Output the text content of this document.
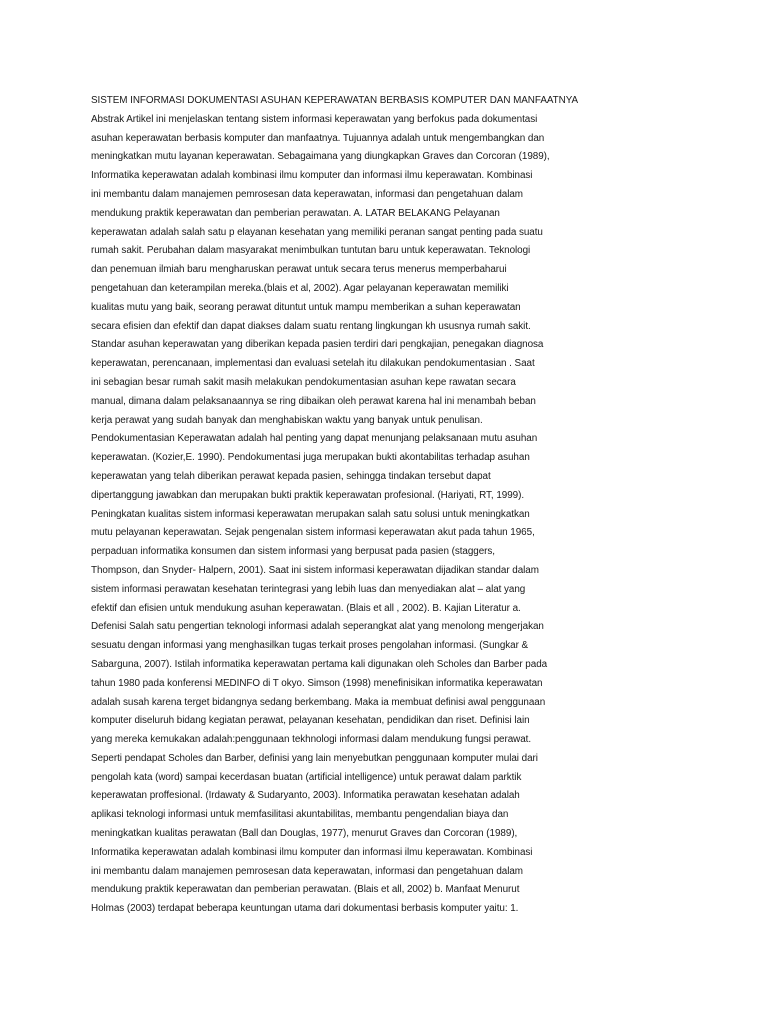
SISTEM INFORMASI DOKUMENTASI ASUHAN KEPERAWATAN BERBASIS KOMPUTER DAN MANFAATNYA
Abstrak Artikel ini menjelaskan tentang sistem informasi keperawatan yang berfokus pada dokumentasi
asuhan keperawatan berbasis komputer dan manfaatnya. Tujuannya adalah untuk mengembangkan dan
meningkatkan mutu layanan keperawatan. Sebagaimana yang diungkapkan Graves dan Corcoran (1989),
Informatika keperawatan adalah kombinasi ilmu komputer dan informasi ilmu keperawatan. Kombinasi
ini membantu dalam manajemen pemrosesan data keperawatan, informasi dan pengetahuan dalam
mendukung praktik keperawatan dan pemberian perawatan. A. LATAR BELAKANG Pelayanan
keperawatan adalah salah satu p elayanan kesehatan yang memiliki peranan sangat penting pada suatu
rumah sakit. Perubahan dalam masyarakat menimbulkan tuntutan baru untuk keperawatan. Teknologi
dan penemuan ilmiah baru mengharuskan perawat untuk secara terus menerus memperbaharui
pengetahuan dan keterampilan mereka.(blais et al, 2002). Agar pelayanan keperawatan memiliki
kualitas mutu yang baik, seorang perawat dituntut untuk mampu memberikan a suhan keperawatan
secara efisien dan efektif dan dapat diakses dalam suatu rentang lingkungan kh ususnya rumah sakit.
Standar asuhan keperawatan yang diberikan kepada pasien terdiri dari pengkajian, penegakan diagnosa
keperawatan, perencanaan, implementasi dan evaluasi setelah itu dilakukan pendokumentasian . Saat
ini sebagian besar rumah sakit masih melakukan pendokumentasian asuhan kepe rawatan secara
manual, dimana dalam pelaksanaannya se ring dibaikan oleh perawat karena hal ini menambah beban
kerja perawat yang sudah banyak dan menghabiskan waktu yang banyak untuk penulisan.
Pendokumentasian Keperawatan adalah hal penting yang dapat menunjang pelaksanaan mutu asuhan
keperawatan. (Kozier,E. 1990). Pendokumentasi juga merupakan bukti akontabilitas terhadap asuhan
keperawatan yang telah diberikan perawat kepada pasien, sehingga tindakan tersebut dapat
dipertanggung jawabkan dan merupakan bukti praktik keperawatan profesional. (Hariyati, RT, 1999).
Peningkatan kualitas sistem informasi keperawatan merupakan salah satu solusi untuk meningkatkan
mutu pelayanan keperawatan. Sejak pengenalan sistem informasi keperawatan akut pada tahun 1965,
perpaduan informatika konsumen dan sistem informasi yang berpusat pada pasien (staggers,
Thompson, dan Snyder- Halpern, 2001). Saat ini sistem informasi keperawatan dijadikan standar dalam
sistem informasi perawatan kesehatan terintegrasi yang lebih luas dan menyediakan alat – alat yang
efektif dan efisien untuk mendukung asuhan keperawatan. (Blais et all , 2002). B. Kajian Literatur a.
Defenisi Salah satu pengertian teknologi informasi adalah seperangkat alat yang menolong mengerjakan
sesuatu dengan informasi yang menghasilkan tugas terkait proses pengolahan informasi. (Sungkar &
Sabarguna, 2007). Istilah informatika keperawatan pertama kali digunakan oleh Scholes dan Barber pada
tahun 1980 pada konferensi MEDINFO di T okyo. Simson (1998) menefinisikan informatika keperawatan
adalah susah karena terget bidangnya sedang berkembang. Maka ia membuat definisi awal penggunaan
komputer diseluruh bidang kegiatan perawat, pelayanan kesehatan, pendidikan dan riset. Definisi lain
yang mereka kemukakan adalah:penggunaan tekhnologi informasi dalam mendukung fungsi perawat.
Seperti pendapat Scholes dan Barber, definisi yang lain menyebutkan penggunaan komputer mulai dari
pengolah kata (word) sampai kecerdasan buatan (artificial intelligence) untuk perawat dalam parktik
keperawatan proffesional. (Irdawaty & Sudaryanto, 2003). Informatika perawatan kesehatan adalah
aplikasi teknologi informasi untuk memfasilitasi akuntabilitas, membantu pengendalian biaya dan
meningkatkan kualitas perawatan (Ball dan Douglas, 1977), menurut Graves dan Corcoran (1989),
Informatika keperawatan adalah kombinasi ilmu komputer dan informasi ilmu keperawatan. Kombinasi
ini membantu dalam manajemen pemrosesan data keperawatan, informasi dan pengetahuan dalam
mendukung praktik keperawatan dan pemberian perawatan. (Blais et all, 2002) b. Manfaat Menurut
Holmas (2003) terdapat beberapa keuntungan utama dari dokumentasi berbasis komputer yaitu: 1.
